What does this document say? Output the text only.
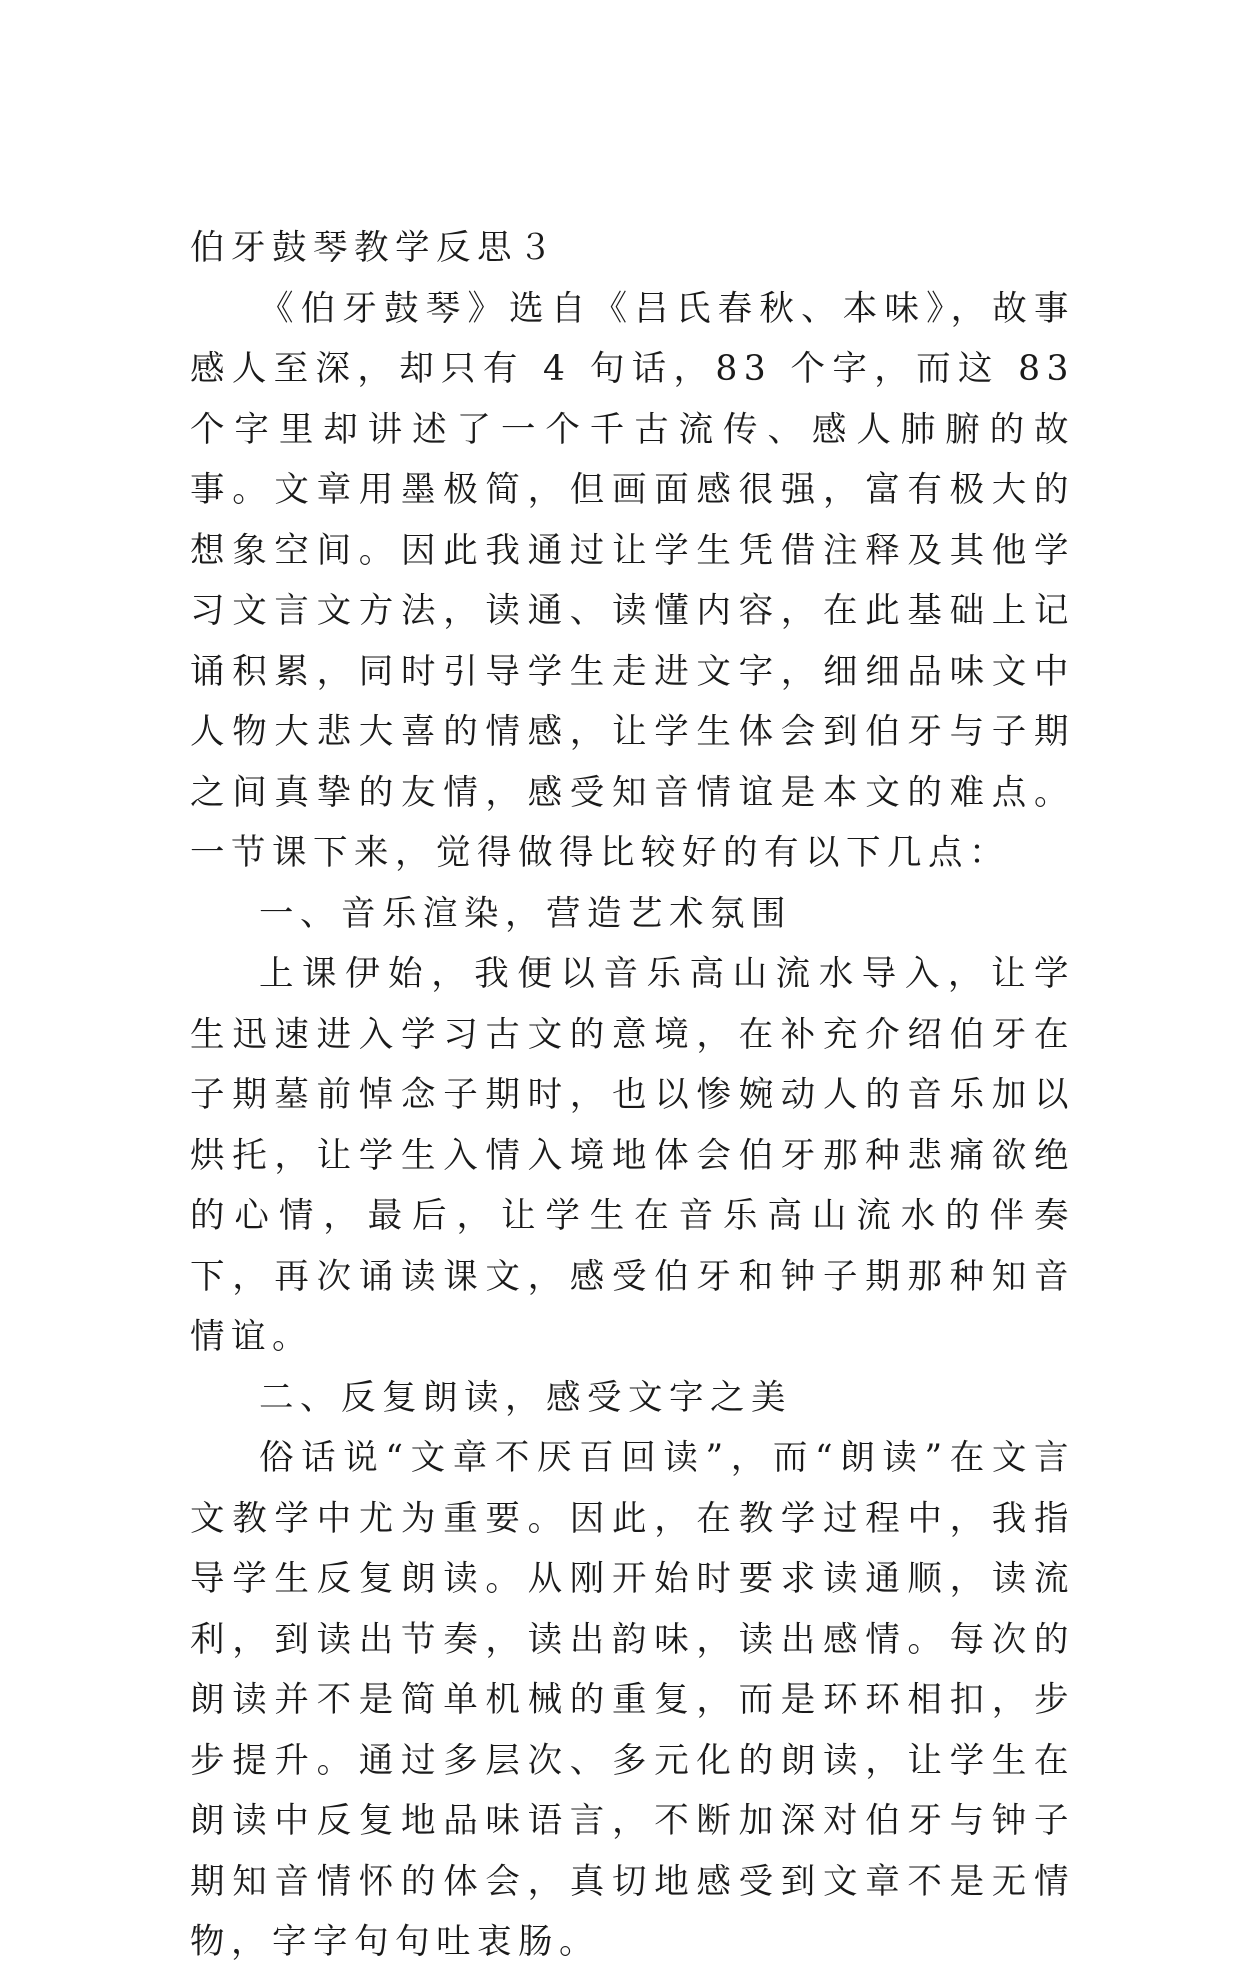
伯牙鼓琴教学反思３

《伯牙鼓琴》选自《吕氏春秋、本味》，故事感人至深，却只有 4 句话，83 个字，而这 83 个字里却讲述了一个千古流传、感人肺腑的故事。文章用墨极简，但画面感很强，富有极大的想象空间。因此我通过让学生凭借注释及其他学习文言文方法，读通、读懂内容，在此基础上记诵积累，同时引导学生走进文字，细细品味文中人物大悲大喜的情感，让学生体会到伯牙与子期之间真挚的友情，感受知音情谊是本文的难点。一节课下来，觉得做得比较好的有以下几点：

一、音乐渲染，营造艺术氛围

上课伊始，我便以音乐高山流水导入，让学生迅速进入学习古文的意境，在补充介绍伯牙在子期墓前悼念子期时，也以惨婉动人的音乐加以烘托，让学生入情入境地体会伯牙那种悲痛欲绝的心情，最后，让学生在音乐高山流水的伴奏下，再次诵读课文，感受伯牙和钟子期那种知音情谊。

二、反复朗读，感受文字之美

俗话说“文章不厌百回读”，而“朗读”在文言文教学中尤为重要。因此，在教学过程中，我指导学生反复朗读。从刚开始时要求读通顺，读流利，到读出节奏，读出韵味，读出感情。每次的朗读并不是简单机械的重复，而是环环相扣，步步提升。通过多层次、多元化的朗读，让学生在朗读中反复地品味语言，不断加深对伯牙与钟子期知音情怀的体会，真切地感受到文章不是无情物，字字句句吐衷肠。
